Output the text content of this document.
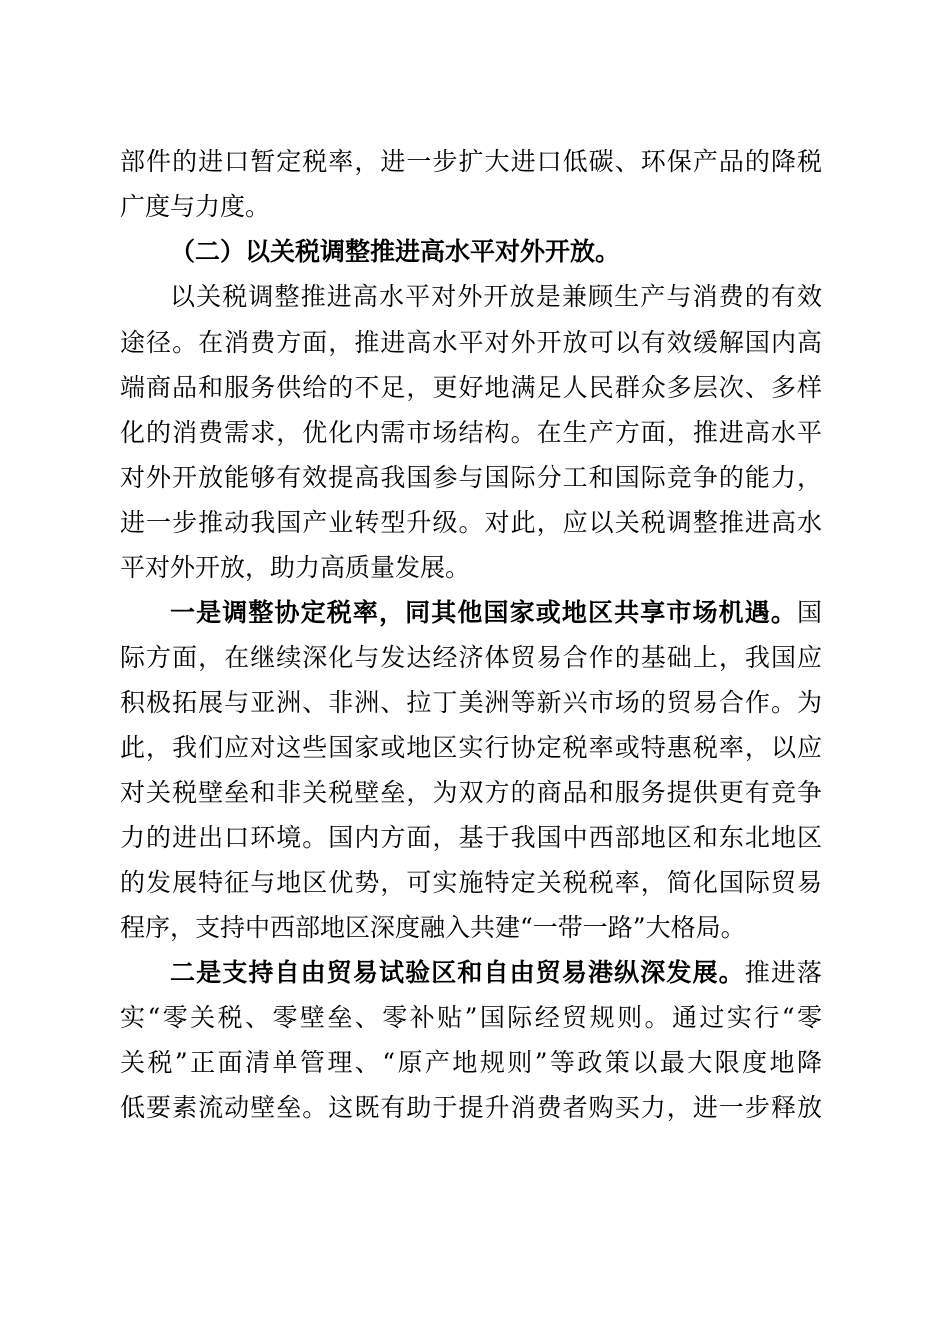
部件的进口暂定税率，进一步扩大进口低碳、环保产品的降税
广度与力度。
（二）以关税调整推进高水平对外开放。
以关税调整推进高水平对外开放是兼顾生产与消费的有效
途径。在消费方面，推进高水平对外开放可以有效缓解国内高
端商品和服务供给的不足，更好地满足人民群众多层次、多样
化的消费需求，优化内需市场结构。在生产方面，推进高水平
对外开放能够有效提高我国参与国际分工和国际竞争的能力，
进一步推动我国产业转型升级。对此，应以关税调整推进高水
平对外开放，助力高质量发展。
一是调整协定税率，同其他国家或地区共享市场机遇。国
际方面，在继续深化与发达经济体贸易合作的基础上，我国应
积极拓展与亚洲、非洲、拉丁美洲等新兴市场的贸易合作。为
此，我们应对这些国家或地区实行协定税率或特惠税率，以应
对关税壁垒和非关税壁垒，为双方的商品和服务提供更有竞争
力的进出口环境。国内方面，基于我国中西部地区和东北地区
的发展特征与地区优势，可实施特定关税税率，简化国际贸易
程序，支持中西部地区深度融入共建“一带一路”大格局。
二是支持自由贸易试验区和自由贸易港纵深发展。推进落
实“零关税、零壁垒、零补贴”国际经贸规则。通过实行“零
关税”正面清单管理、“原产地规则”等政策以最大限度地降
低要素流动壁垒。这既有助于提升消费者购买力，进一步释放
